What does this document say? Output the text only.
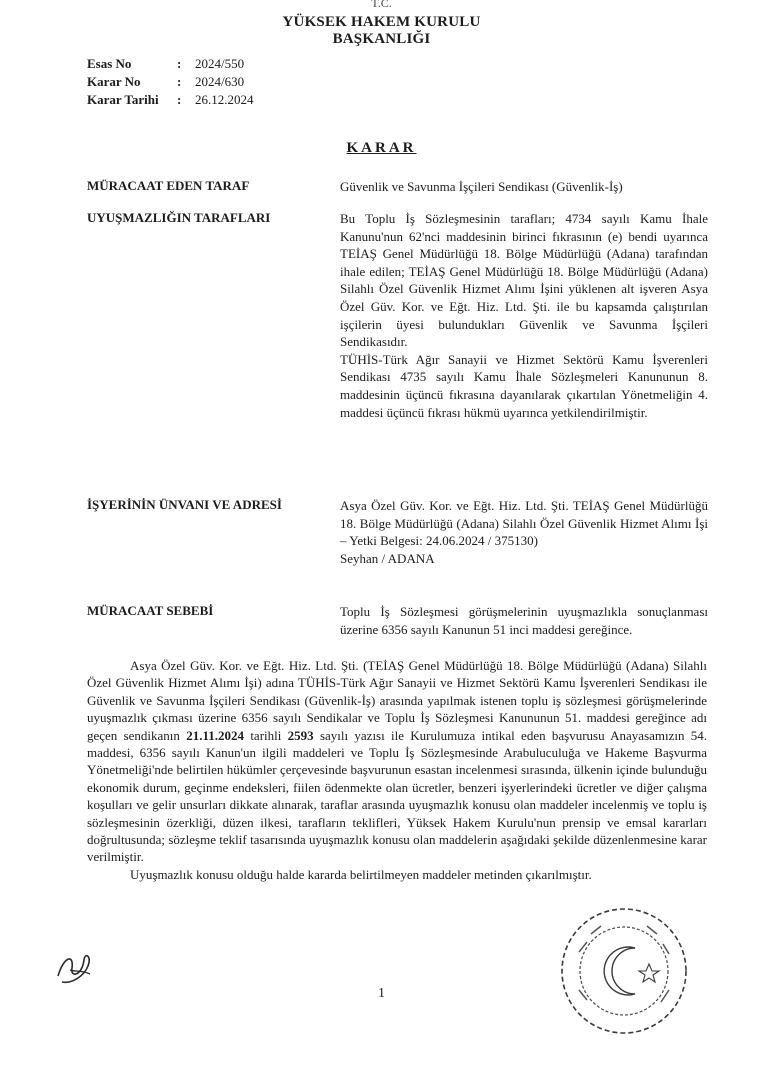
T.C.
YÜKSEK HAKEM KURULU
BAŞKANLIĞI
Esas No	:	2024/550
Karar No	:	2024/630
Karar Tarihi	:	26.12.2024
KARAR
MÜRACAAT EDEN TARAF	Güvenlik ve Savunma İşçileri Sendikası (Güvenlik-İş)

UYUŞMAZLIĞIN TARAFLARI	Bu Toplu İş Sözleşmesinin tarafları; 4734 sayılı Kamu İhale Kanunu'nun 62'nci maddesinin birinci fıkrasının (e) bendi uyarınca TEİAŞ Genel Müdürlüğü 18. Bölge Müdürlüğü (Adana) tarafından ihale edilen; TEİAŞ Genel Müdürlüğü 18. Bölge Müdürlüğü (Adana) Silahlı Özel Güvenlik Hizmet Alımı İşini yüklenen alt işveren Asya Özel Güv. Kor. ve Eğt. Hiz. Ltd. Şti. ile bu kapsamda çalıştırılan işçilerin üyesi bulundukları Güvenlik ve Savunma İşçileri Sendikasıdır.

TÜHİS-Türk Ağır Sanayii ve Hizmet Sektörü Kamu İşverenleri Sendikası 4735 sayılı Kamu İhale Sözleşmeleri Kanununun 8. maddesinin üçüncü fıkrasına dayanılarak çıkartılan Yönetmeliğin 4. maddesi üçüncü fıkrası hükmü uyarınca yetkilendirilmiştir.

İŞYERİNİN ÜNVANI VE ADRESİ	Asya Özel Güv. Kor. ve Eğt. Hiz. Ltd. Şti. TEİAŞ Genel Müdürlüğü 18. Bölge Müdürlüğü (Adana) Silahlı Özel Güvenlik Hizmet Alımı İşi – Yetki Belgesi: 24.06.2024 / 375130)

Seyhan / ADANA

MÜRACAAT SEBEBİ	Toplu İş Sözleşmesi görüşmelerinin uyuşmazlıkla sonuçlanması üzerine 6356 sayılı Kanunun 51 inci maddesi gereğince.

Asya Özel Güv. Kor. ve Eğt. Hiz. Ltd. Şti. (TEİAŞ Genel Müdürlüğü 18. Bölge Müdürlüğü (Adana) Silahlı Özel Güvenlik Hizmet Alımı İşi) adına TÜHİS-Türk Ağır Sanayii ve Hizmet Sektörü Kamu İşverenleri Sendikası ile Güvenlik ve Savunma İşçileri Sendikası (Güvenlik-İş) arasında yapılmak istenen toplu iş sözleşmesi görüşmelerinde uyuşmazlık çıkması üzerine 6356 sayılı Sendikalar ve Toplu İş Sözleşmesi Kanununun 51. maddesi gereğince adı geçen sendikanın 21.11.2024 tarihli 2593 sayılı yazısı ile Kurulumuza intikal eden başvurusu Anayasamızın 54. maddesi, 6356 sayılı Kanun'un ilgili maddeleri ve Toplu İş Sözleşmesinde Arabuluculuğa ve Hakeme Başvurma Yönetmeliği'nde belirtilen hükümler çerçevesinde başvurunun esastan incelenmesi sırasında, ülkenin içinde bulunduğu ekonomik durum, geçinme endeksleri, fiilen ödenmekte olan ücretler, benzeri işyerlerindeki ücretler ve diğer çalışma koşulları ve gelir unsurları dikkate alınarak, taraflar arasında uyuşmazlık konusu olan maddeler incelenmiş ve toplu iş sözleşmesinin özerkliği, düzen ilkesi, tarafların teklifleri, Yüksek Hakem Kurulu'nun prensip ve emsal kararları doğrultusunda; sözleşme teklif tasarısında uyuşmazlık konusu olan maddelerin aşağıdaki şekilde düzenlenmesine karar verilmiştir.

Uyuşmazlık konusu olduğu halde kararda belirtilmeyen maddeler metinden çıkarılmıştır.

1
